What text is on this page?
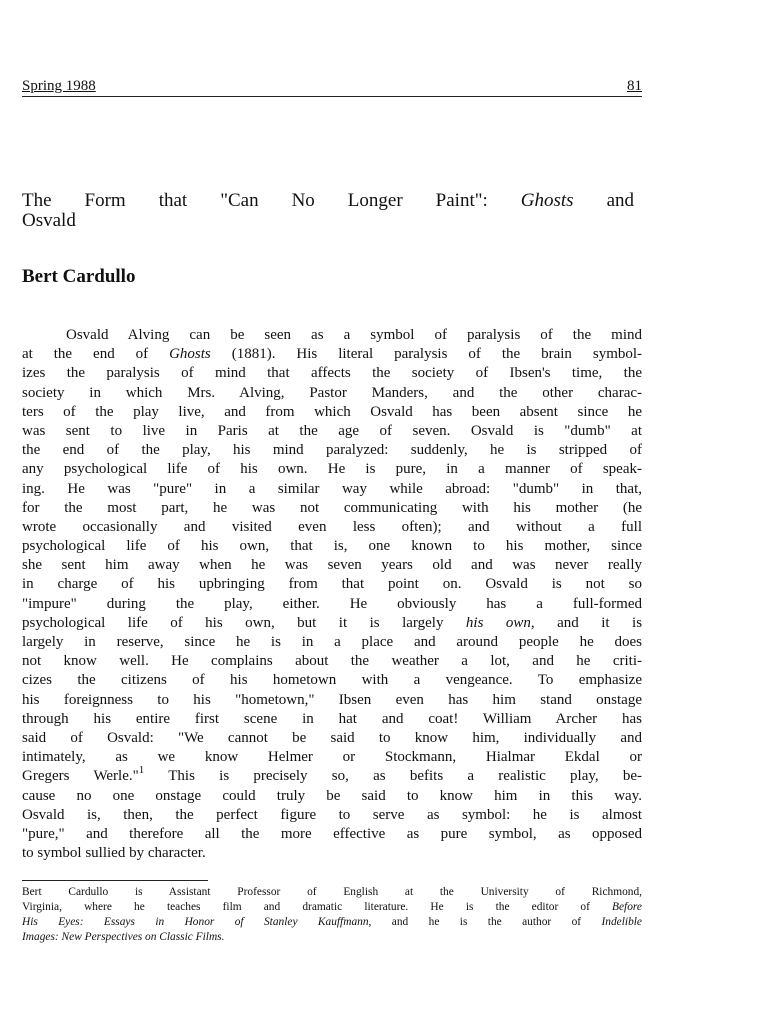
Spring 1988	81
The Form that "Can No Longer Paint": Ghosts and
Osvald
Bert Cardullo
Osvald Alving can be seen as a symbol of paralysis of the mind
at the end of Ghosts (1881). His literal paralysis of the brain symbol-
izes the paralysis of mind that affects the society of Ibsen's time, the
society in which Mrs. Alving, Pastor Manders, and the other charac-
ters of the play live, and from which Osvald has been absent since he
was sent to live in Paris at the age of seven. Osvald is "dumb" at
the end of the play, his mind paralyzed: suddenly, he is stripped of
any psychological life of his own. He is pure, in a manner of speak-
ing. He was "pure" in a similar way while abroad: "dumb" in that,
for the most part, he was not communicating with his mother (he
wrote occasionally and visited even less often); and without a full
psychological life of his own, that is, one known to his mother, since
she sent him away when he was seven years old and was never really
in charge of his upbringing from that point on. Osvald is not so
"impure" during the play, either. He obviously has a full-formed
psychological life of his own, but it is largely his own, and it is
largely in reserve, since he is in a place and around people he does
not know well. He complains about the weather a lot, and he criti-
cizes the citizens of his hometown with a vengeance. To emphasize
his foreignness to his "hometown," Ibsen even has him stand onstage
through his entire first scene in hat and coat! William Archer has
said of Osvald: "We cannot be said to know him, individually and
intimately, as we know Helmer or Stockmann, Hialmar Ekdal or
Gregers Werle."$^1$ This is precisely so, as befits a realistic play, be-
cause no one onstage could truly be said to know him in this way.
Osvald is, then, the perfect figure to serve as symbol: he is almost
"pure," and therefore all the more effective as pure symbol, as opposed
to symbol sullied by character.
Bert Cardullo is Assistant Professor of English at the University of Richmond,
Virginia, where he teaches film and dramatic literature. He is the editor of Before
His Eyes: Essays in Honor of Stanley Kauffmann, and he is the author of Indelible
Images: New Perspectives on Classic Films.
